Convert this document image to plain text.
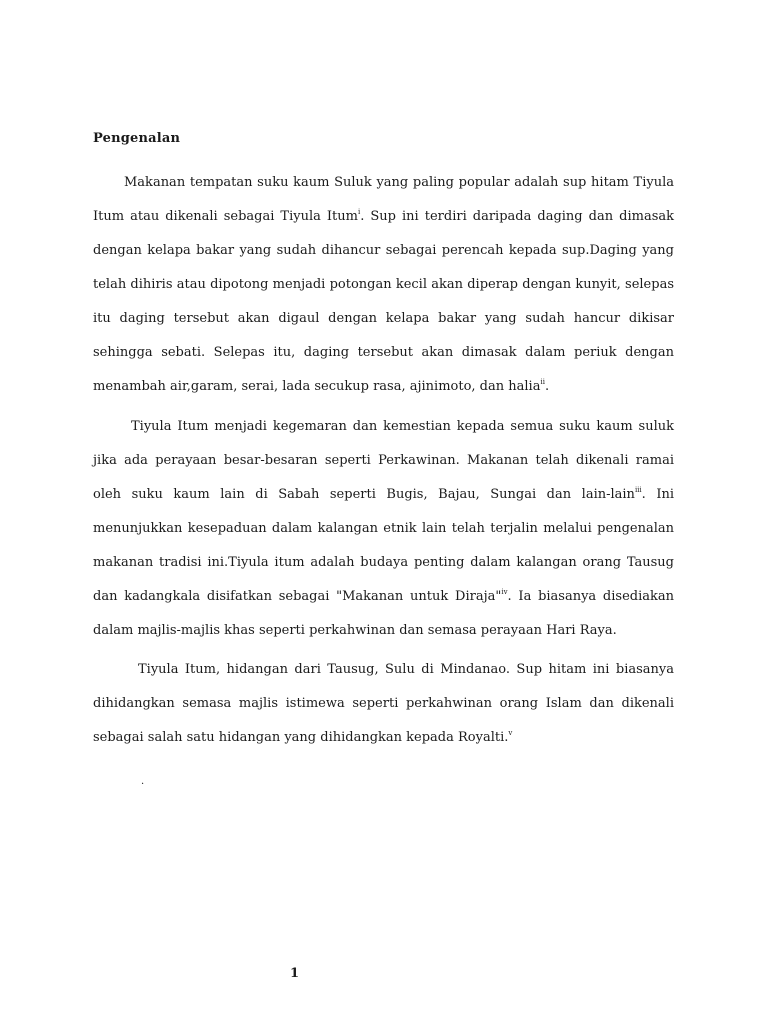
Pengenalan

Makanan tempatan suku kaum Suluk yang paling popular adalah sup hitam Tiyula Itum atau dikenali sebagai Tiyula Itum$^i$. Sup ini terdiri daripada daging dan dimasak dengan kelapa bakar yang sudah dihancur sebagai perencah kepada sup.Daging yang telah dihiris atau dipotong menjadi potongan kecil akan diperap dengan kunyit, selepas itu daging tersebut akan digaul dengan kelapa bakar yang sudah hancur dikisar sehingga sebati. Selepas itu, daging tersebut akan dimasak dalam periuk dengan menambah air,garam, serai, lada secukup rasa, ajinimoto, dan halia$^{ii}$.

Tiyula Itum menjadi kegemaran dan kemestian kepada semua suku kaum suluk jika ada perayaan besar-besaran seperti Perkawinan. Makanan telah dikenali ramai oleh suku kaum lain di Sabah seperti Bugis, Bajau, Sungai dan lain-lain$^{iii}$. Ini menunjukkan kesepaduan dalam kalangan etnik lain telah terjalin melalui pengenalan makanan tradisi ini.Tiyula itum adalah budaya penting dalam kalangan orang Tausug dan kadangkala disifatkan sebagai "Makanan untuk Diraja"$^{iv}$. Ia biasanya disediakan dalam majlis-majlis khas seperti perkahwinan dan semasa perayaan Hari Raya.

Tiyula Itum, hidangan dari Tausug, Sulu di Mindanao. Sup hitam ini biasanya dihidangkan semasa majlis istimewa seperti perkahwinan orang Islam dan dikenali sebagai salah satu hidangan yang dihidangkan kepada Royalti.$^v$

.
1
